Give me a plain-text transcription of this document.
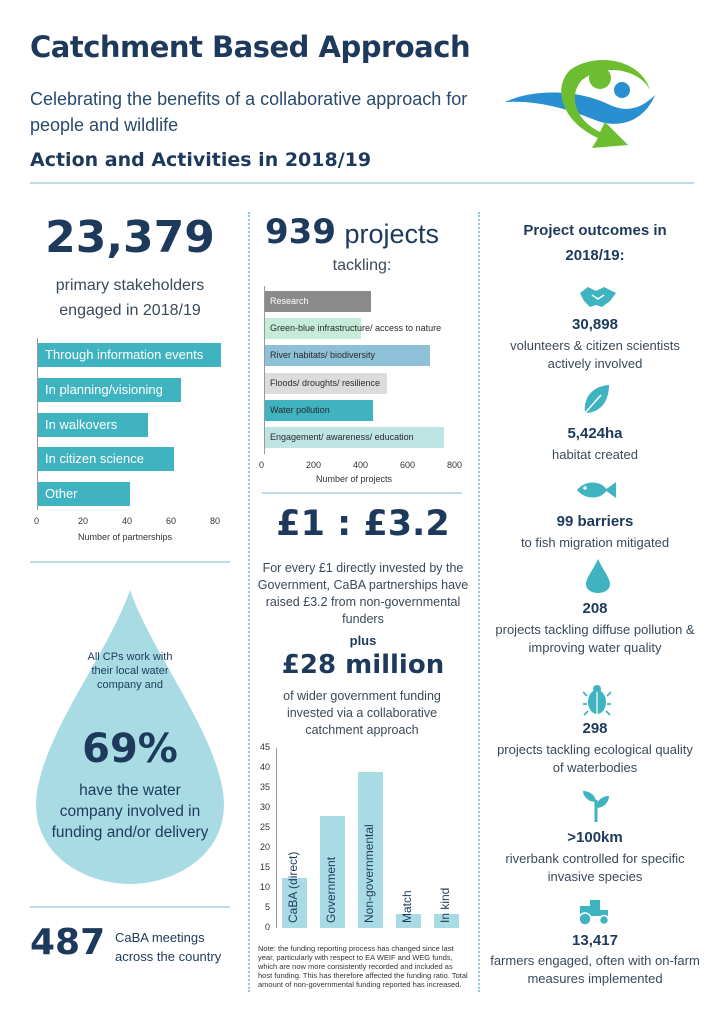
Catchment Based Approach
Celebrating the benefits of a collaborative approach for people and wildlife
Action and Activities in 2018/19
23,379
primary stakeholders engaged in 2018/19
Through information events
In planning/visioning
In walkovers
In citizen science
Other
0	20	40	60	80
Number of partnerships
939 projects
tackling:
Research
Green-blue infrastructure/ access to nature
River habitats/ biodiversity
Floods/ droughts/ resilience
Water pollution
Engagement/ awareness/ education
0	200	400	600	800
Number of projects
£1 : £3.2
For every £1 directly invested by the Government, CaBA partnerships have raised £3.2 from non-governmental funders
plus
£28 million
of wider government funding invested via a collaborative catchment approach
0
5
10
15
20
25
30
35
40
45
CaBA (direct) Government Non-governmental Match In kind
Note: the funding reporting process has changed since last year, particularly with respect to EA WEIF and WEG funds, which are now more consistently recorded and included as host funding. This has therefore affected the funding ratio. Total amount of non-governmental funding reported has increased.
All CPs work with their local water company and
69%
have the water company involved in funding and/or delivery
487 CaBA meetings across the country
Project outcomes in 2018/19:
30,898
volunteers & citizen scientists actively involved
5,424ha
habitat created
99 barriers
to fish migration mitigated
208
projects tackling diffuse pollution & improving water quality
298
projects tackling ecological quality of waterbodies
>100km
riverbank controlled for specific invasive species
13,417
farmers engaged, often with on-farm measures implemented
